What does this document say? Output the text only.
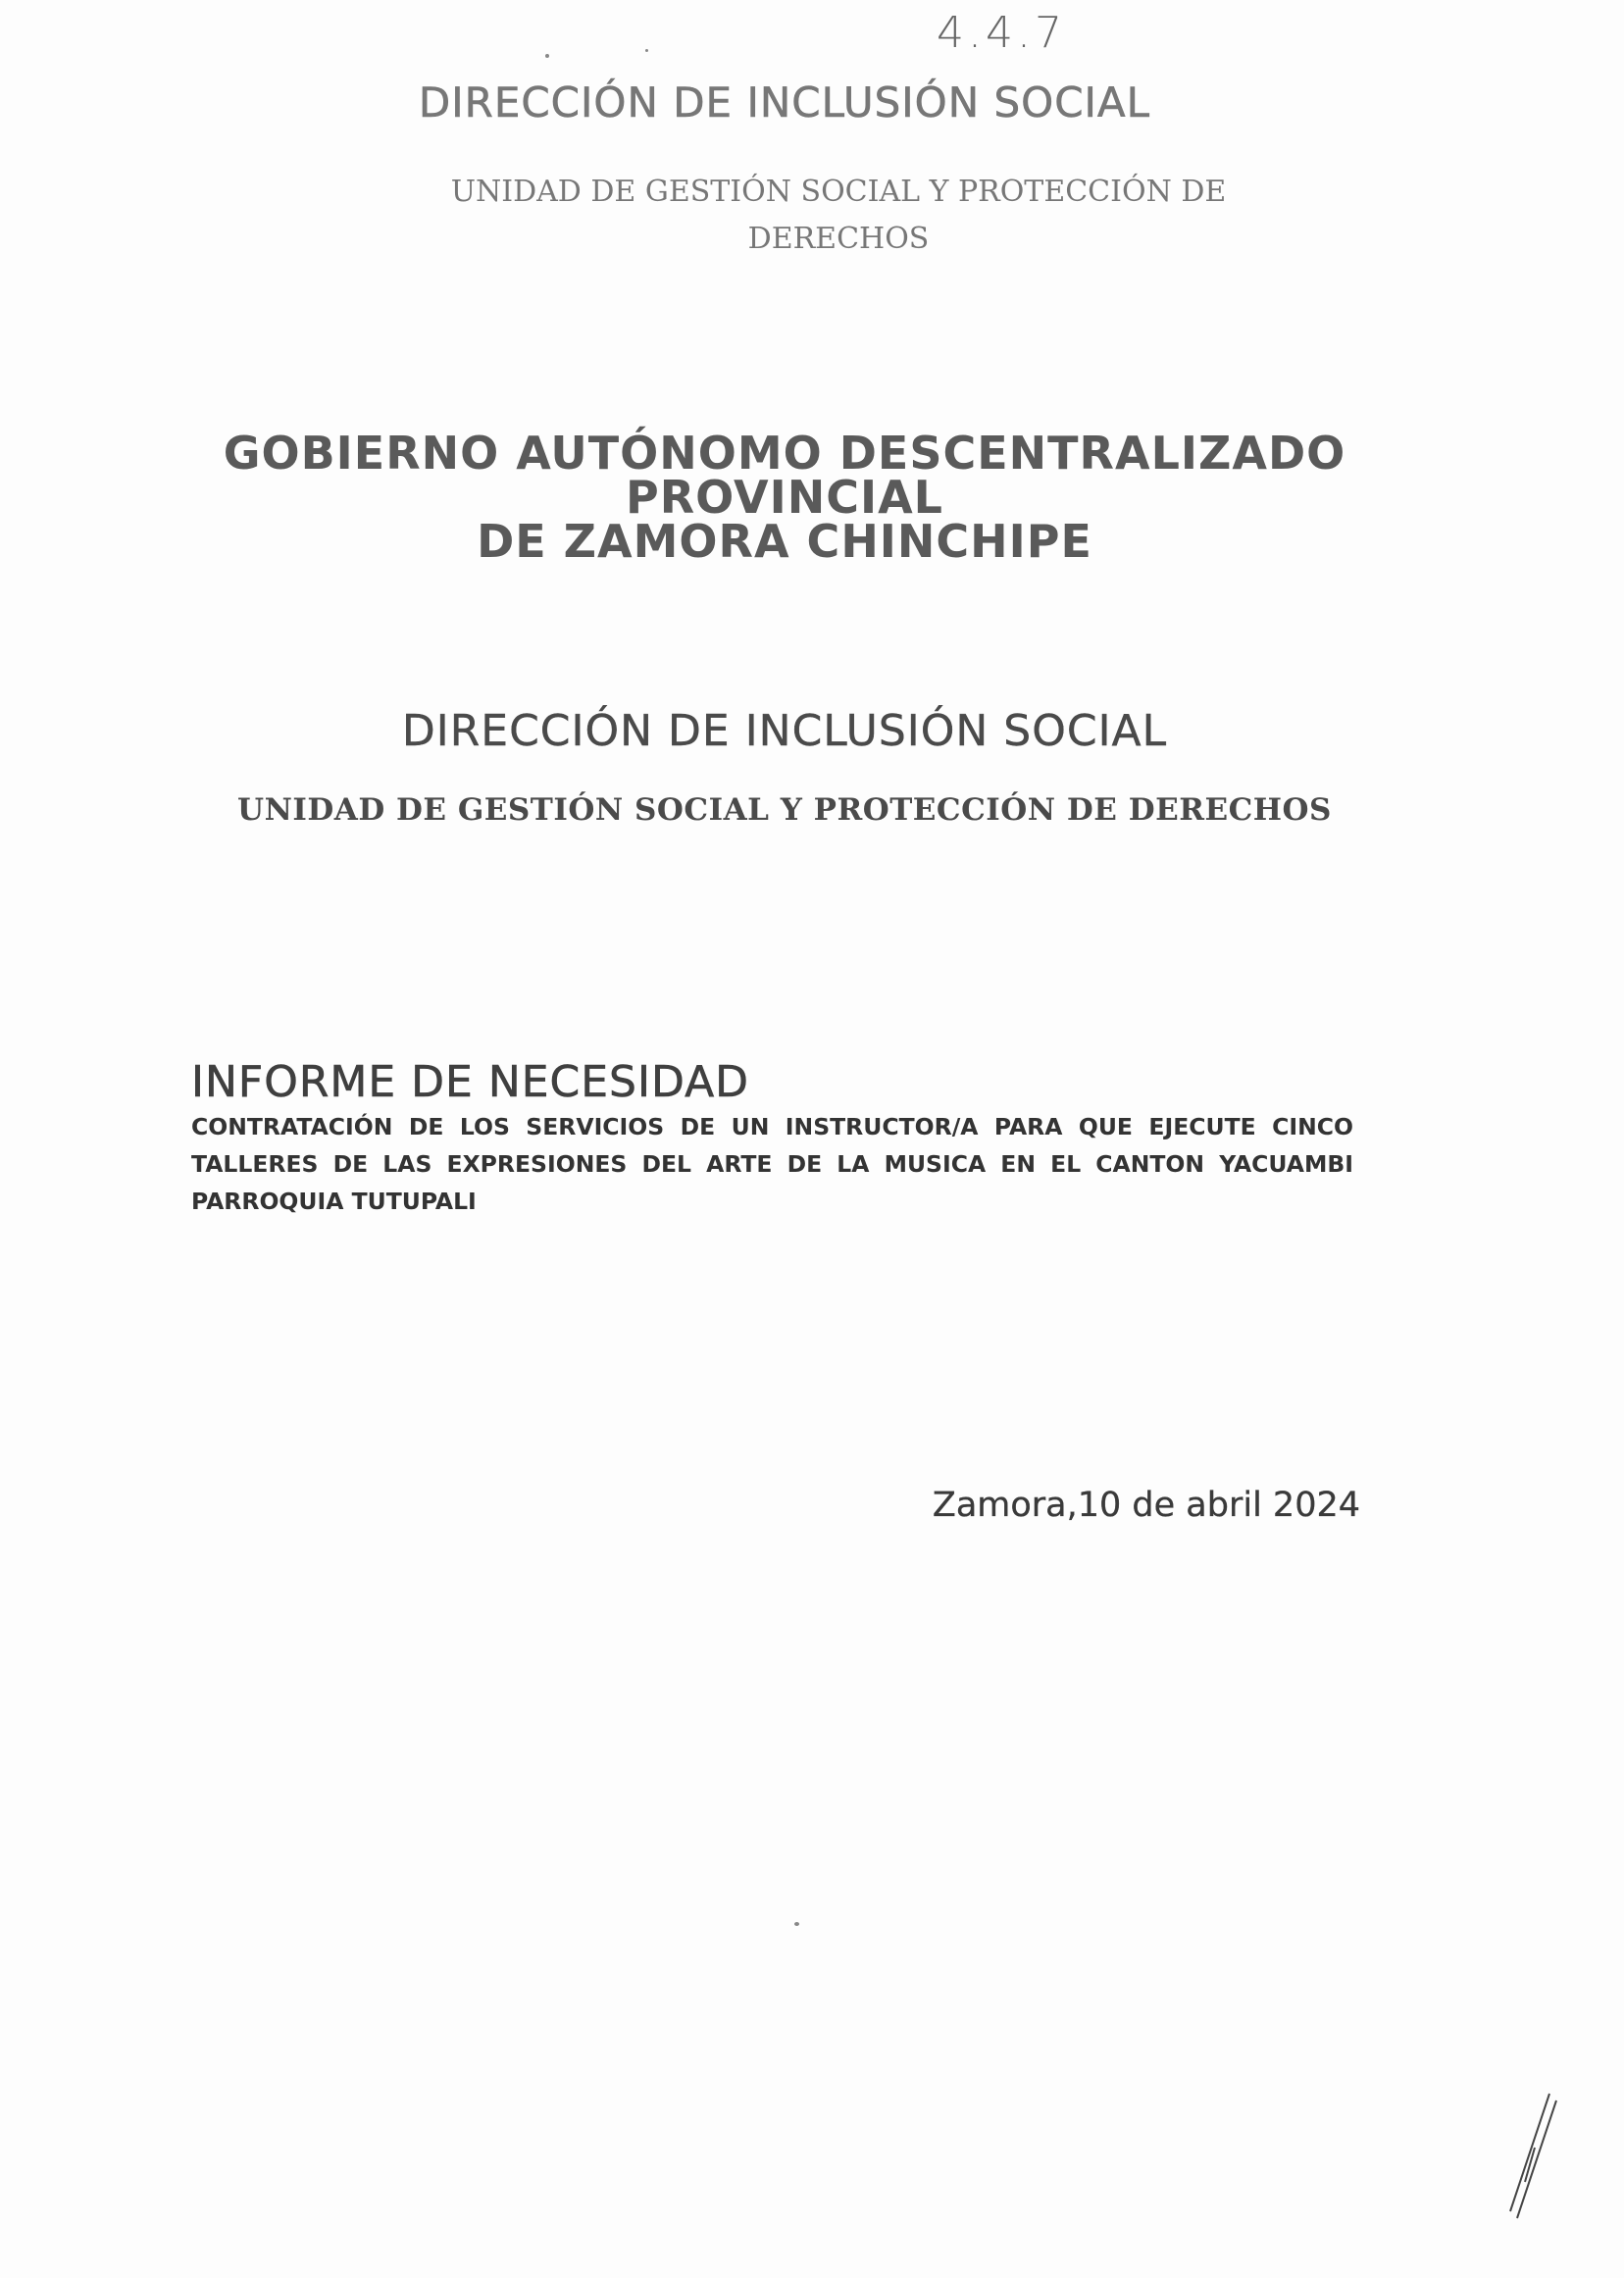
4.4.7
DIRECCIÓN DE INCLUSIÓN SOCIAL
UNIDAD DE GESTIÓN SOCIAL Y PROTECCIÓN DE
DERECHOS
GOBIERNO AUTÓNOMO DESCENTRALIZADO
PROVINCIAL
DE ZAMORA CHINCHIPE
DIRECCIÓN DE INCLUSIÓN SOCIAL
UNIDAD DE GESTIÓN SOCIAL Y PROTECCIÓN DE DERECHOS
INFORME DE NECESIDAD
CONTRATACIÓN DE LOS SERVICIOS DE UN INSTRUCTOR/A PARA QUE EJECUTE CINCO TALLERES DE LAS EXPRESIONES DEL ARTE DE LA MUSICA EN EL CANTON YACUAMBI PARROQUIA TUTUPALI
Zamora,10 de abril 2024
